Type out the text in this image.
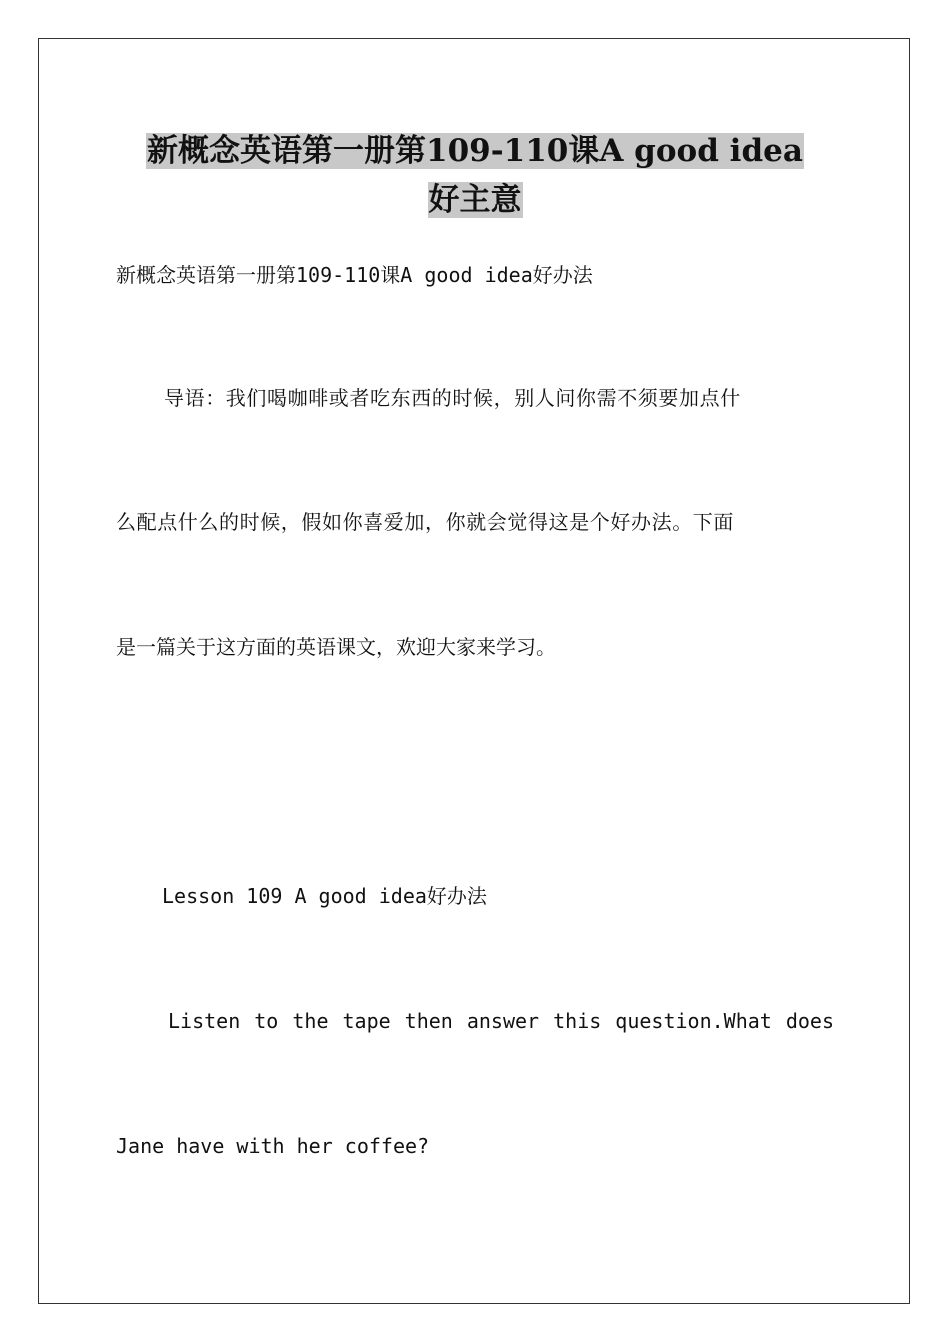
新概念英语第一册第109-110课A good idea
好主意

新概念英语第一册第109-110课A good idea好办法

导语：我们喝咖啡或者吃东西的时候，别人问你需不须要加点什

么配点什么的时候，假如你喜爱加，你就会觉得这是个好办法。下面

是一篇关于这方面的英语课文，欢迎大家来学习。

Lesson 109 A good idea好办法

Listen to the tape then answer this question.What does

Jane have with her coffee?
